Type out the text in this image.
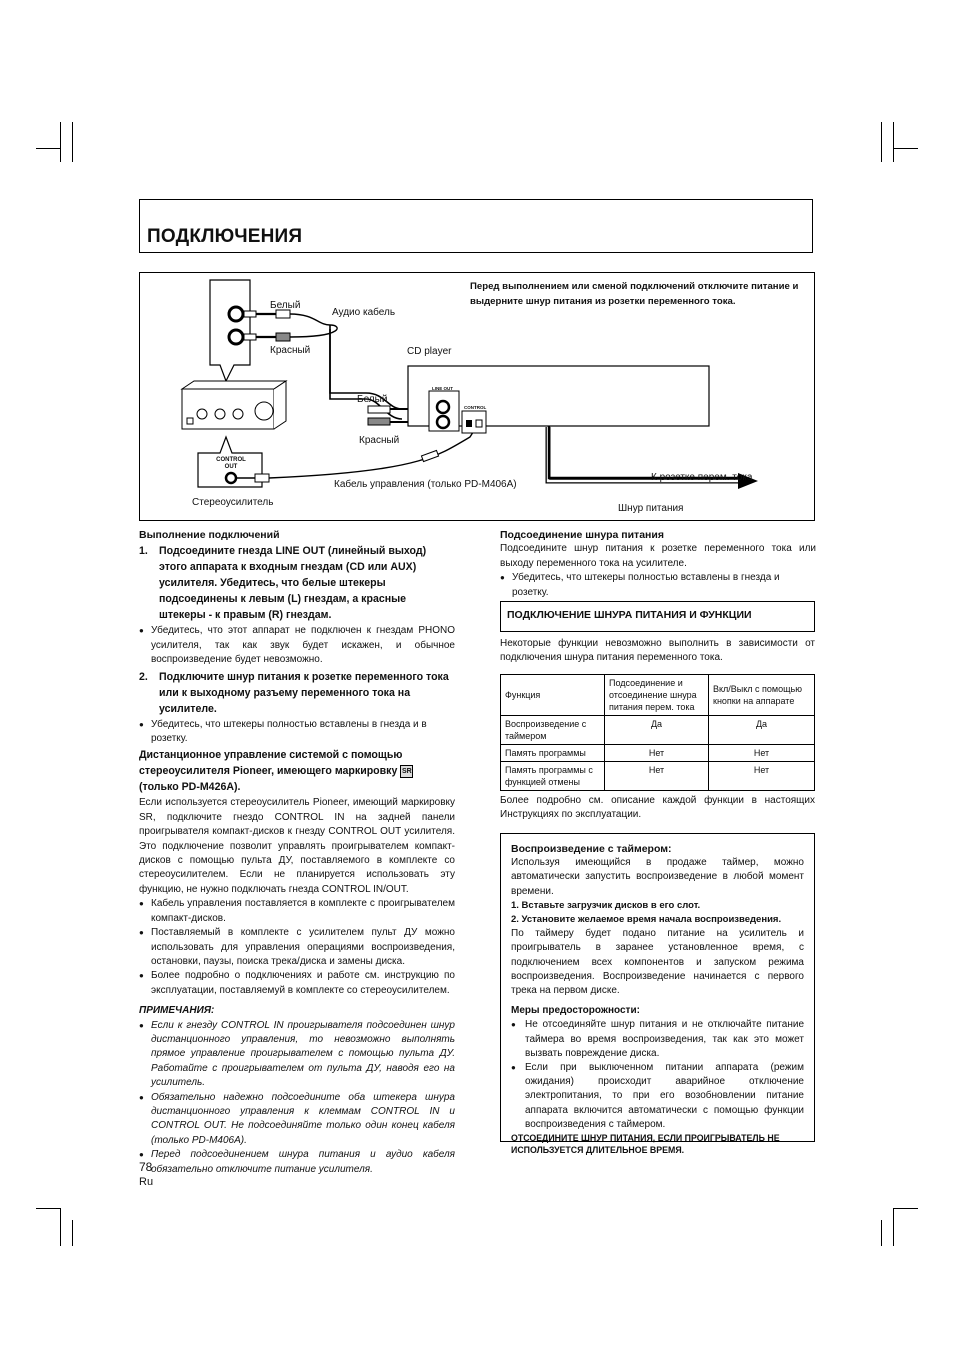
ПОДКЛЮЧЕНИЯ
Перед выполнением или сменой подключений отключите питание и выдерните шнур питания из розетки переменного тока.
Белый
Красный
Аудио кабель
CD player
Белый
Красный
К розетке перем. тока
Шнур питания
Кабель управления (только PD-M406A)
Стереоусилитель
CONTROL OUT
LINE OUT
CONTROL

Выполнение подключений

1. Подсоедините гнезда LINE OUT (линейный выход) этого аппарата к входным гнездам (CD или AUX) усилителя. Убедитесь, что белые штекеры подсоединены к левым (L) гнездам, а красные штекеры - к правым (R) гнездам.

● Убедитесь, что этот аппарат не подключен к гнездам PHONO усилителя, так как звук будет искажен, и обычное воспроизведение будет невозможно.

2. Подключите шнур питания к розетке переменного тока или к выходному разъему переменного тока на усилителе.

● Убедитесь, что штекеры полностью вставлены в гнезда и в розетку.

Дистанционное управление системой с помощью стереоусилителя Pioneer, имеющего маркировку SR (только PD-M426A).

Если используется стереоусилитель Pioneer, имеющий маркировку SR, подключите гнездо CONTROL IN на задней панели проигрывателя компакт-дисков к гнезду CONTROL OUT усилителя. Это подключение позволит управлять проигрывателем компакт-дисков с помощью пульта ДУ, поставляемого в комплекте со стереоусилителем. Если не планируется использовать эту функцию, не нужно подключать гнезда CONTROL IN/OUT.

● Кабель управления поставляется в комплекте с проигрывателем компакт-дисков.

● Поставляемый в комплекте с усилителем пульт ДУ можно использовать для управления операциями воспроизведения, остановки, паузы, поиска трека/диска и замены диска.

● Более подробно о подключениях и работе см. инструкцию по эксплуатации, поставляемуй в комплекте со стереоусилителем.

ПРИМЕЧАНИЯ:

● Если к гнезду CONTROL IN проигрывателя подсоединен шнур дистанционного управления, то невозможно выполнять прямое управление проигрывателем с помощью пульта ДУ. Работайте с проигрывателем от пульта ДУ, наводя его на усилитель.

● Обязательно надежно подсоедините оба штекера шнура дистанционного управления к клеммам CONTROL IN и CONTROL OUT. Не подсоединяйте только один конец кабеля (только PD-M406A).

● Перед подсоединением шнура питания и аудио кабеля обязательно отключите питание усилителя.

Подсоединение шнура питания

Подсоедините шнур питания к розетке переменного тока или выходу переменного тока на усилителе.

● Убедитесь, что штекеры полностью вставлены в гнезда и розетку.

ПОДКЛЮЧЕНИЕ ШНУРА ПИТАНИЯ И ФУНКЦИИ
Некоторые функции невозможно выполнить в зависимости от подключения шнура питания переменного тока.
Функция	Подсоединение и отсоединение шнура питания перем. тока	Вкл/Выкл с помощью кнопки на аппарате
Воспроизведение с таймером	Да	Да
Память программы	Нет	Нет
Память программы с функцией отмены	Нет	Нет
Более подробно см. описание каждой функции в настоящих Инструкциях по эксплуатации.

Воспроизведение с таймером:

Используя имеющийся в продаже таймер, можно автоматически запустить воспроизведение в любой момент времени.

1. Вставьте загрузчик дисков в его слот.

2. Установите желаемое время начала воспроизведения.

По таймеру будет подано питание на усилитель и проигрыватель в заранее установленное время, с подключением всех компонентов и запуском режима воспроизведения. Воспроизведение начинается с первого трека на первом диске.

Меры предосторожности:

● Не отсоединяйте шнур питания и не отключайте питание таймера во время воспроизведения, так как это может вызвать повреждение диска.

● Если при выключенном питании аппарата (режим ожидания) происходит аварийное отключение электропитания, то при его возобновлении питание аппарата включится автоматически с помощью функции воспроизведения с таймером.

ОТСОЕДИНИТЕ ШНУР ПИТАНИЯ, ЕСЛИ ПРОИГРЫВАТЕЛЬ НЕ ИСПОЛЬЗУЕТСЯ ДЛИТЕЛЬНОЕ ВРЕМЯ.

78
Ru
